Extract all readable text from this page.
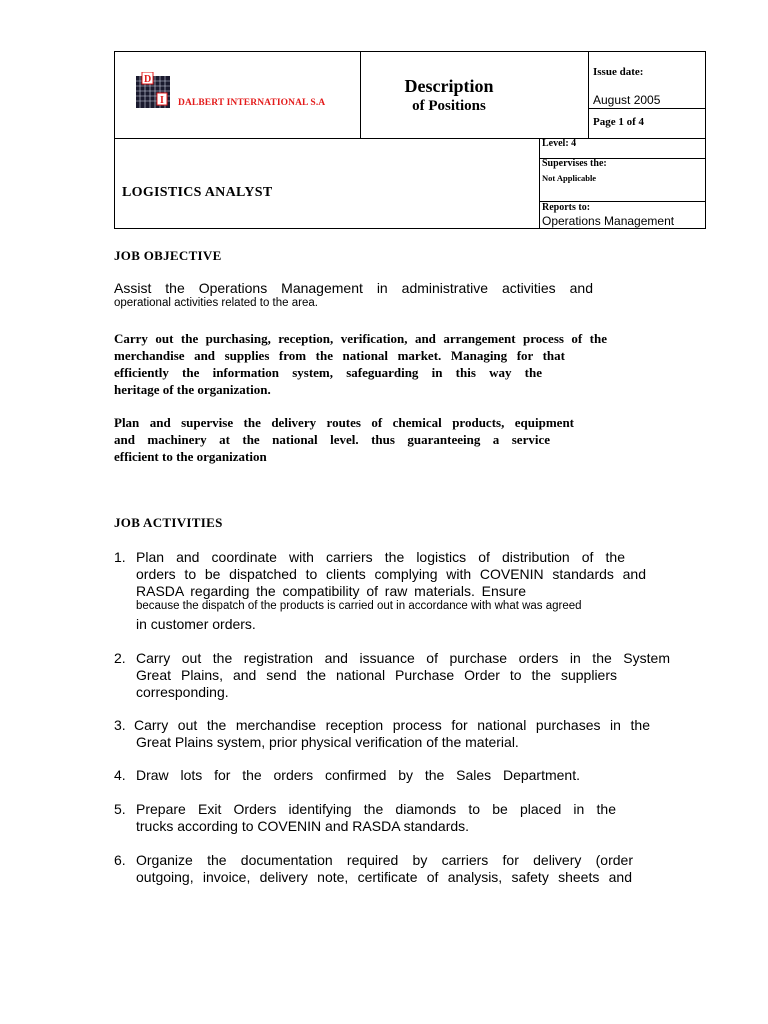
D
I DALBERT INTERNATIONAL S.A
Description
of Positions
Issue date:
August 2005
Page 1 of 4
LOGISTICS ANALYST
Level: 4
Supervises the:
Not Applicable
Reports to:
Operations Management
JOB OBJECTIVE
Assist the Operations Management in administrative activities and
operational activities related to the area.
Carry out the purchasing, reception, verification, and arrangement process of the
merchandise and supplies from the national market. Managing for that
efficiently the information system, safeguarding in this way the
heritage of the organization.
Plan and supervise the delivery routes of chemical products, equipment
and machinery at the national level. thus guaranteeing a service
efficient to the organization
JOB ACTIVITIES
1. Plan and coordinate with carriers the logistics of distribution of the
orders to be dispatched to clients complying with COVENIN standards and
RASDA regarding the compatibility of raw materials. Ensure
because the dispatch of the products is carried out in accordance with what was agreed
in customer orders.
2. Carry out the registration and issuance of purchase orders in the System
Great Plains, and send the national Purchase Order to the suppliers
corresponding.
3. Carry out the merchandise reception process for national purchases in the
Great Plains system, prior physical verification of the material.
4. Draw lots for the orders confirmed by the Sales Department.
5. Prepare Exit Orders identifying the diamonds to be placed in the
trucks according to COVENIN and RASDA standards.
6. Organize the documentation required by carriers for delivery (order
outgoing, invoice, delivery note, certificate of analysis, safety sheets and
